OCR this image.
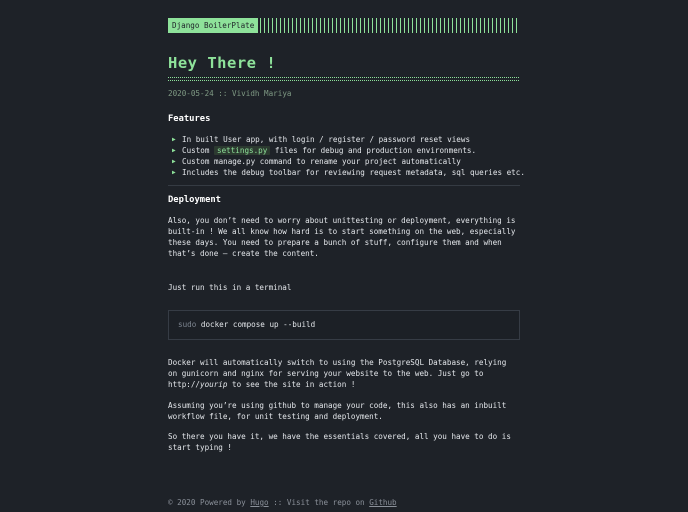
Django BoilerPlate
Hey There !
2020-05-24 :: Vividh Mariya
Features
▶ In built User app, with login / register / password reset views
▶ Custom settings.py files for debug and production environments.
▶ Custom manage.py command to rename your project automatically
▶ Includes the debug toolbar for reviewing request metadata, sql queries etc.
Deployment

Also, you don’t need to worry about unittesting or deployment, everything is built-in ! We all know how hard is to start something on the web, especially these days. You need to prepare a bunch of stuff, configure them and when that’s done — create the content.

Just run this in a terminal

sudo docker compose up --build

Docker will automatically switch to using the PostgreSQL Database, relying on gunicorn and nginx for serving your website to the web. Just go to http://yourip to see the site in action !

Assuming you’re using github to manage your code, this also has an inbuilt workflow file, for unit testing and deployment.

So there you have it, we have the essentials covered, all you have to do is start typing !

© 2020 Powered by Hugo :: Visit the repo on Github
